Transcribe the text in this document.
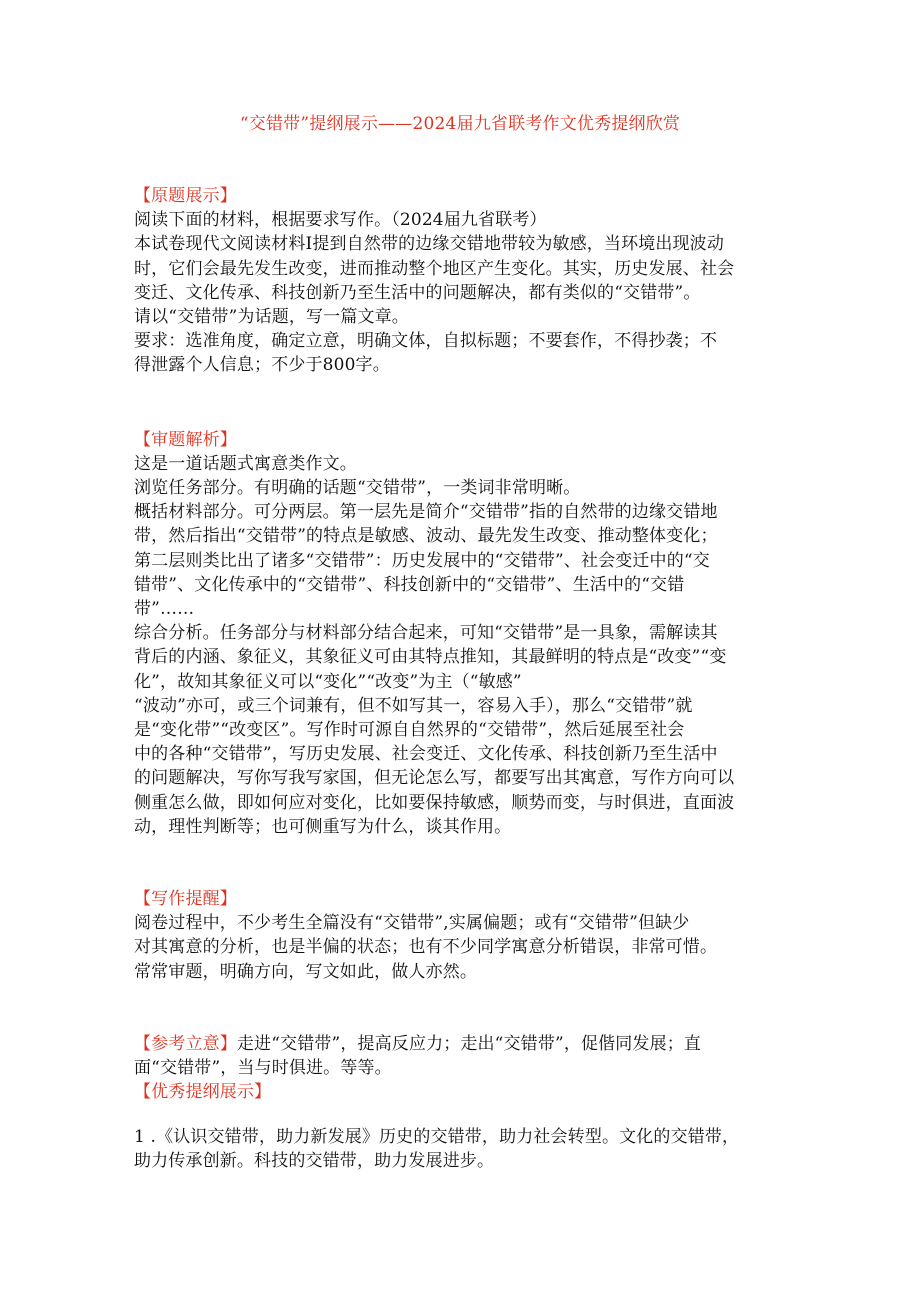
“交错带”提纲展示——2024届九省联考作文优秀提纲欣赏
【原题展示】
阅读下面的材料，根据要求写作。（2024届九省联考）
本试卷现代文阅读材料Ⅰ提到自然带的边缘交错地带较为敏感，当环境出现波动
时，它们会最先发生改变，进而推动整个地区产生变化。其实，历史发展、社会
变迁、文化传承、科技创新乃至生活中的问题解决，都有类似的“交错带”。
请以“交错带”为话题，写一篇文章。
要求：选准角度，确定立意，明确文体，自拟标题；不要套作，不得抄袭；不
得泄露个人信息；不少于800字。
【审题解析】
这是一道话题式寓意类作文。
浏览任务部分。有明确的话题“交错带”，一类词非常明晰。
概括材料部分。可分两层。第一层先是简介“交错带”指的自然带的边缘交错地
带，然后指出“交错带”的特点是敏感、波动、最先发生改变、推动整体变化；
第二层则类比出了诸多“交错带”：历史发展中的“交错带”、社会变迁中的“交
错带”、文化传承中的“交错带”、科技创新中的“交错带”、生活中的“交错
带”……
综合分析。任务部分与材料部分结合起来，可知“交错带”是一具象，需解读其
背后的内涵、象征义，其象征义可由其特点推知，其最鲜明的特点是“改变”“变
化”，故知其象征义可以“变化”“改变”为主（“敏感”
“波动”亦可，或三个词兼有，但不如写其一，容易入手），那么“交错带”就
是“变化带”“改变区”。写作时可源自自然界的“交错带”，然后延展至社会
中的各种“交错带”，写历史发展、社会变迁、文化传承、科技创新乃至生活中
的问题解决，写你写我写家国，但无论怎么写，都要写出其寓意，写作方向可以
侧重怎么做，即如何应对变化，比如要保持敏感，顺势而变，与时俱进，直面波
动，理性判断等；也可侧重写为什么，谈其作用。
【写作提醒】
阅卷过程中，不少考生全篇没有“交错带”,实属偏题；或有“交错带”但缺少
对其寓意的分析，也是半偏的状态；也有不少同学寓意分析错误，非常可惜。
常常审题，明确方向，写文如此，做人亦然。
【参考立意】走进“交错带”，提高反应力；走出“交错带”，促偕同发展；直
面“交错带”，当与时俱进。等等。
【优秀提纲展示】
1 .《认识交错带，助力新发展》历史的交错带，助力社会转型。文化的交错带，
助力传承创新。科技的交错带，助力发展进步。
